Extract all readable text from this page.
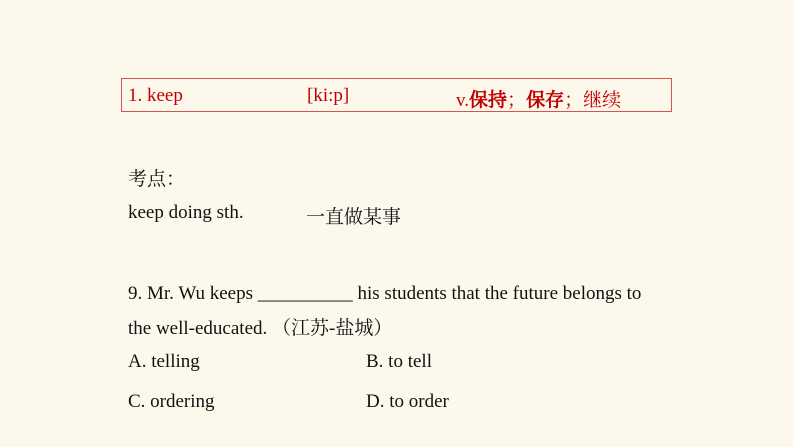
1. keep	[ki:p]	v.保持；保存；继续
考点：
keep doing sth.	一直做某事
9. Mr. Wu keeps __________ his students that the future belongs to
the well-educated. （江苏-盐城）
A. telling	B. to tell
C. ordering	D. to order
